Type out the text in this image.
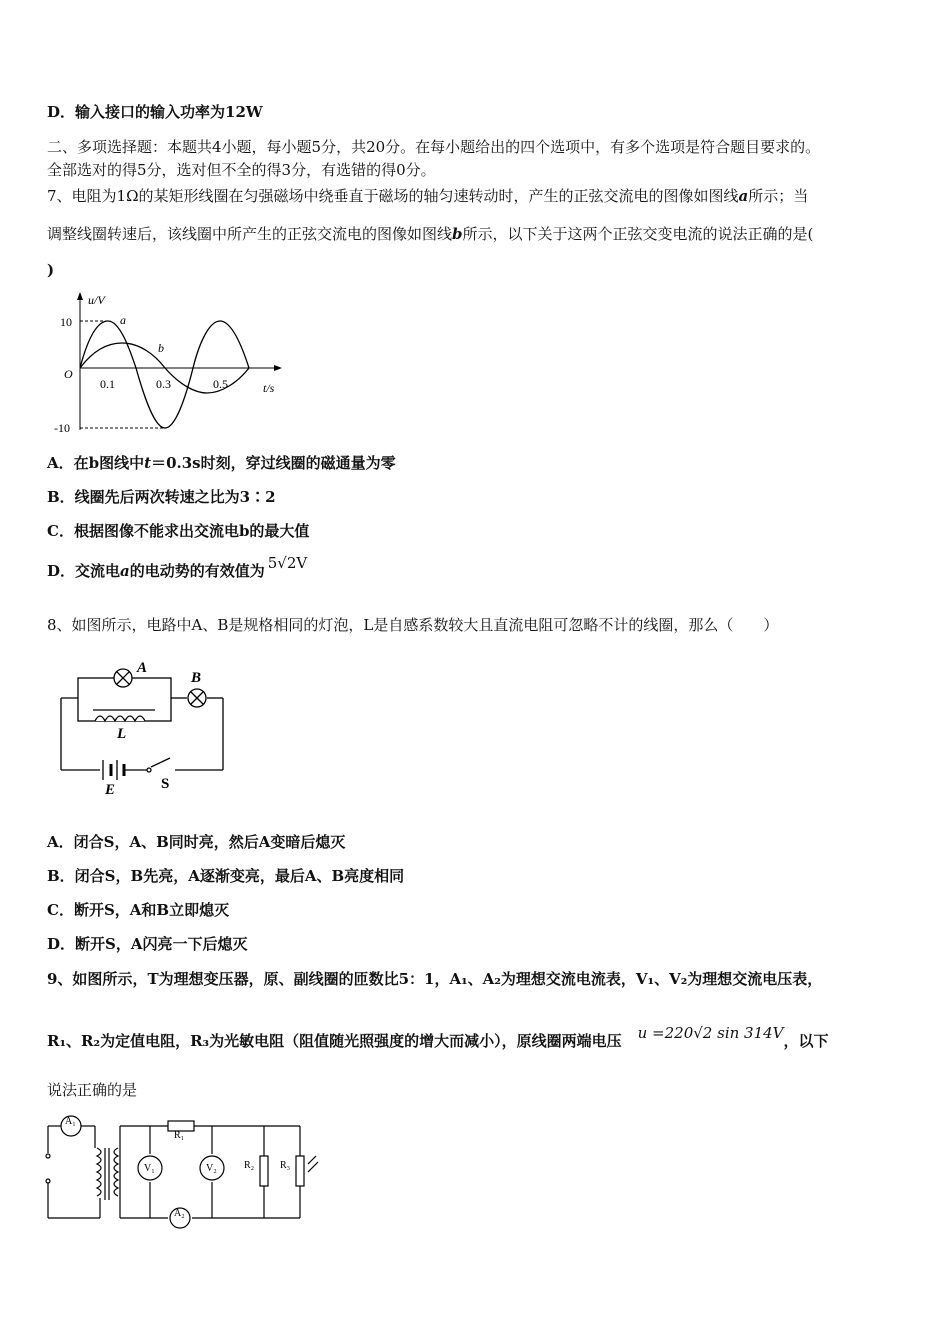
D．输入接口的输入功率为12W
二、多项选择题：本题共4小题，每小题5分，共20分。在每小题给出的四个选项中，有多个选项是符合题目要求的。
全部选对的得5分，选对但不全的得3分，有选错的得0分。
7、电阻为1Ω的某矩形线圈在匀强磁场中绕垂直于磁场的轴匀速转动时，产生的正弦交流电的图像如图线a所示；当
调整线圈转速后，该线圈中所产生的正弦交流电的图像如图线b所示，以下关于这两个正弦交变电流的说法正确的是(
)
u/V
t/s
10
-10
O
0.1	0.3	0.5
a
b
A．在b图线中t＝0.3s时刻，穿过线圈的磁通量为零
B．线圈先后两次转速之比为3∶2
C．根据图像不能求出交流电b的最大值
D．交流电a的电动势的有效值为 5√2V
8、如图所示，电路中A、B是规格相同的灯泡，L是自感系数较大且直流电阻可忽略不计的线圈，那么（　　）
A
B
L
E	S
A．闭合S，A、B同时亮，然后A变暗后熄灭
B．闭合S，B先亮，A逐渐变亮，最后A、B亮度相同
C．断开S，A和B立即熄灭
D．断开S，A闪亮一下后熄灭
9、如图所示，T为理想变压器，原、副线圈的匝数比5：1，A₁、A₂为理想交流电流表，V₁、V₂为理想交流电压表，
R₁、R₂为定值电阻，R₃为光敏电阻（阻值随光照强度的增大而减小），原线圈两端电压 u =220√2 sin 314V，以下
说法正确的是
A₁
V₁	V₂
A₂
R₁
R₂	R₃
